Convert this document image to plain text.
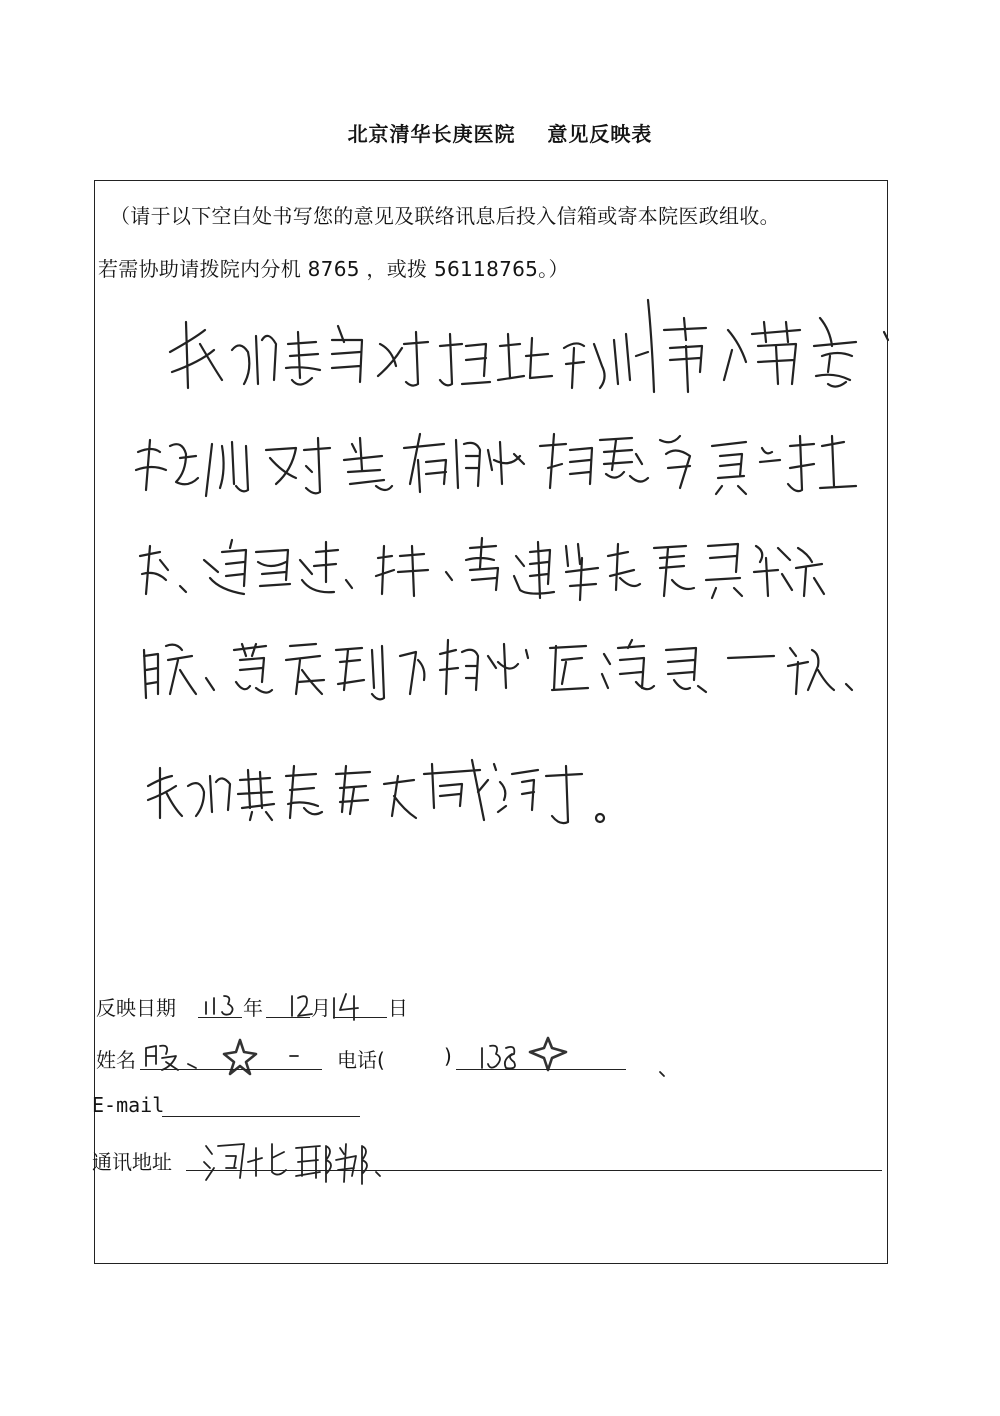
北京清华长庚医院    意见反映表
（请于以下空白处书写您的意见及联络讯息后投入信箱或寄本院医政组收。
若需协助请拨院内分机 8765 ，或拨 56118765。）
反映日期	年 月	日
姓名	电话(	)
E-mail
通讯地址
